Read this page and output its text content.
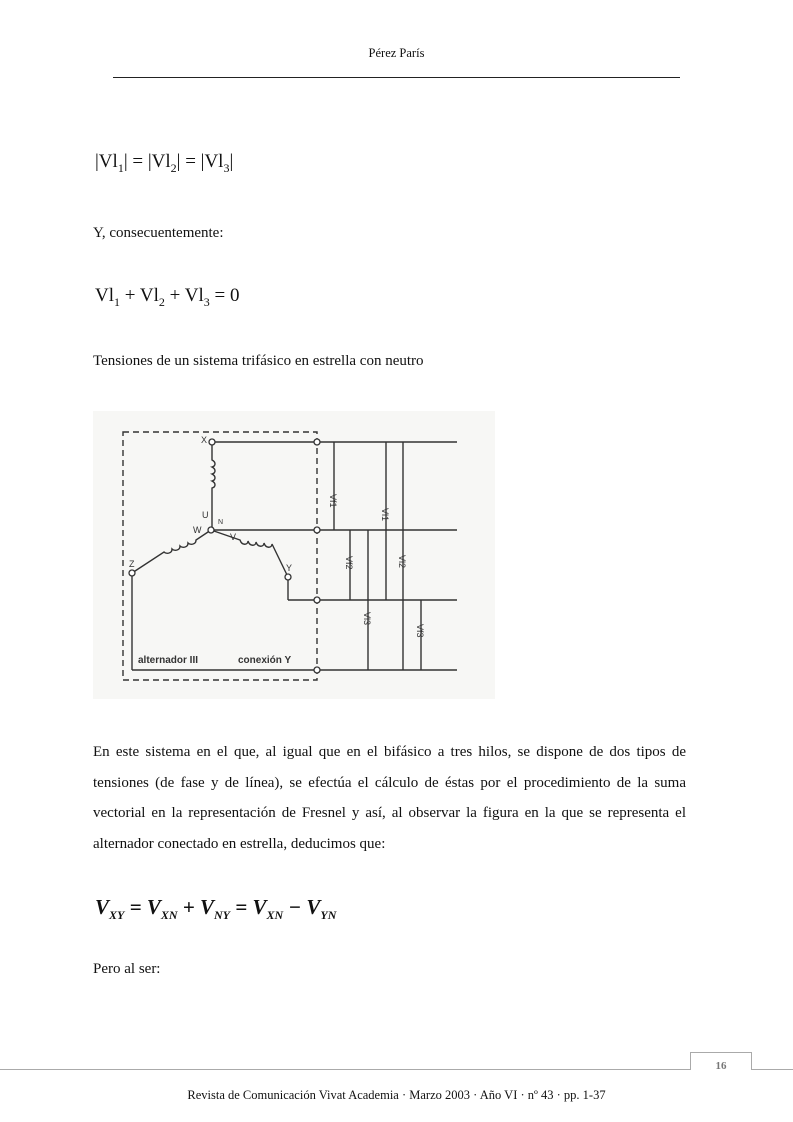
Pérez París
$|Vl_1| = |Vl_2| = |Vl_3|$
Y, consecuentemente:
$Vl_1 + Vl_2 + Vl_3 = 0$
Tensiones de un sistema trifásico en estrella con neutro
X
Y
Z
N
U
V
W
Vf1
Vl1
Vf2	Vl2
Vl3
Vf3
alternador III	conexión Y
En este sistema en el que, al igual que en el bifásico a tres hilos, se dispone de dos tipos de tensiones (de fase y de línea), se efectúa el cálculo de éstas por el procedimiento de la suma vectorial en la representación de Fresnel y así, al observar la figura en la que se representa el alternador conectado en estrella, deducimos que:
$V_{XY} = V_{XN} + V_{NY} = V_{XN} - V_{YN}$
Pero al ser:
16
Revista de Comunicación Vivat Academia · Marzo 2003 · Año VI · nº 43 · pp. 1-37
